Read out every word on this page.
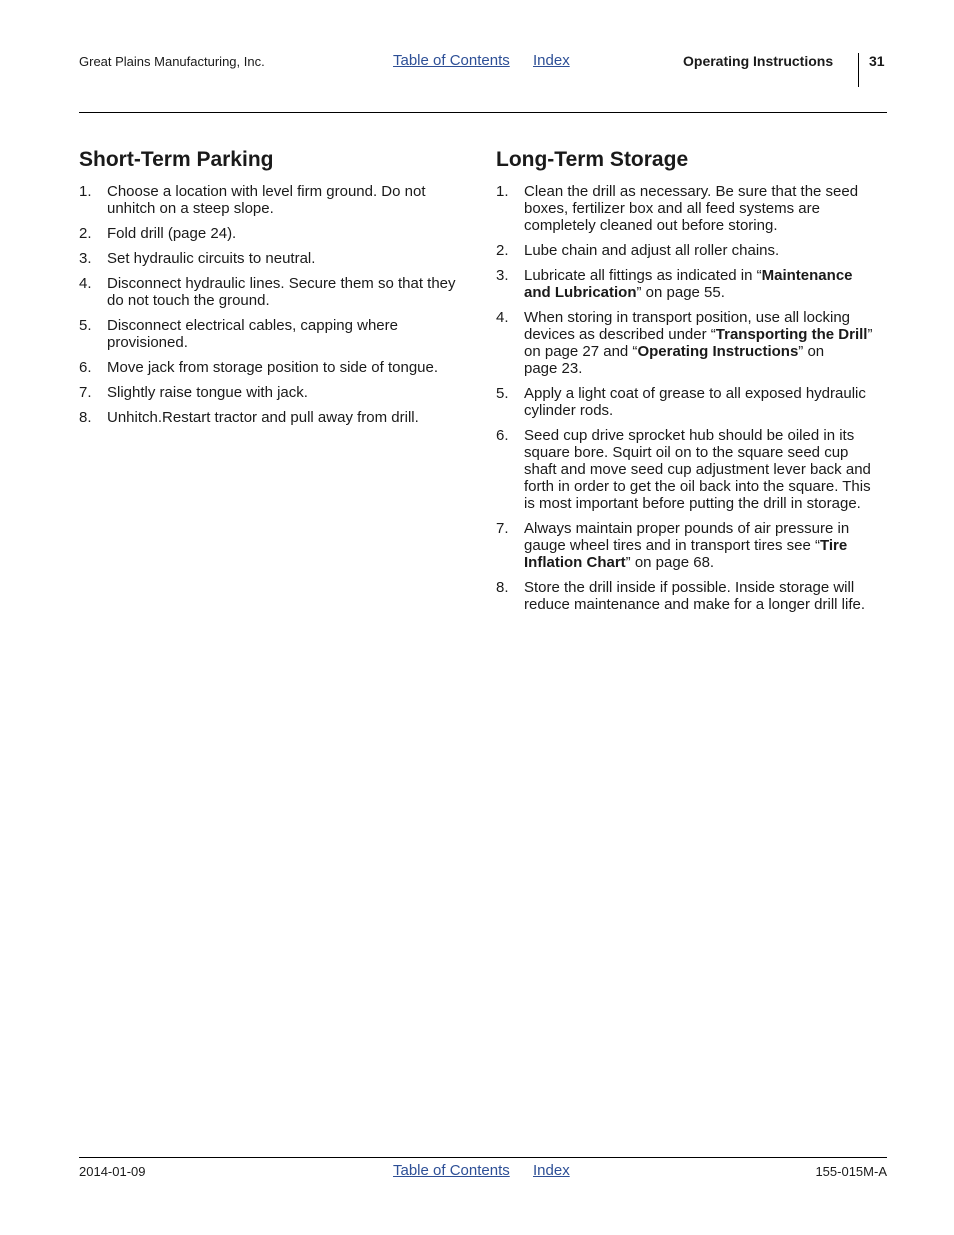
Great Plains Manufacturing, Inc.	Table of Contents Index	Operating Instructions	31
Short-Term Parking
1. Choose a location with level firm ground. Do not
unhitch on a steep slope.
2. Fold drill (page 24).
3. Set hydraulic circuits to neutral.
4. Disconnect hydraulic lines. Secure them so that they
do not touch the ground.
5. Disconnect electrical cables, capping where
provisioned.
6. Move jack from storage position to side of tongue.
7. Slightly raise tongue with jack.
8. Unhitch.Restart tractor and pull away from drill.
Long-Term Storage
1. Clean the drill as necessary. Be sure that the seed
boxes, fertilizer box and all feed systems are
completely cleaned out before storing.
2. Lube chain and adjust all roller chains.
3. Lubricate all fittings as indicated in “Maintenance
and Lubrication” on page 55.
4. When storing in transport position, use all locking
devices as described under “Transporting the Drill”
on page 27 and “Operating Instructions” on
page 23.
5. Apply a light coat of grease to all exposed hydraulic
cylinder rods.
6. Seed cup drive sprocket hub should be oiled in its
square bore. Squirt oil on to the square seed cup
shaft and move seed cup adjustment lever back and
forth in order to get the oil back into the square. This
is most important before putting the drill in storage.
7. Always maintain proper pounds of air pressure in
gauge wheel tires and in transport tires see “Tire
Inflation Chart” on page 68.
8. Store the drill inside if possible. Inside storage will
reduce maintenance and make for a longer drill life.
2014-01-09	Table of Contents Index	155-015M-A
